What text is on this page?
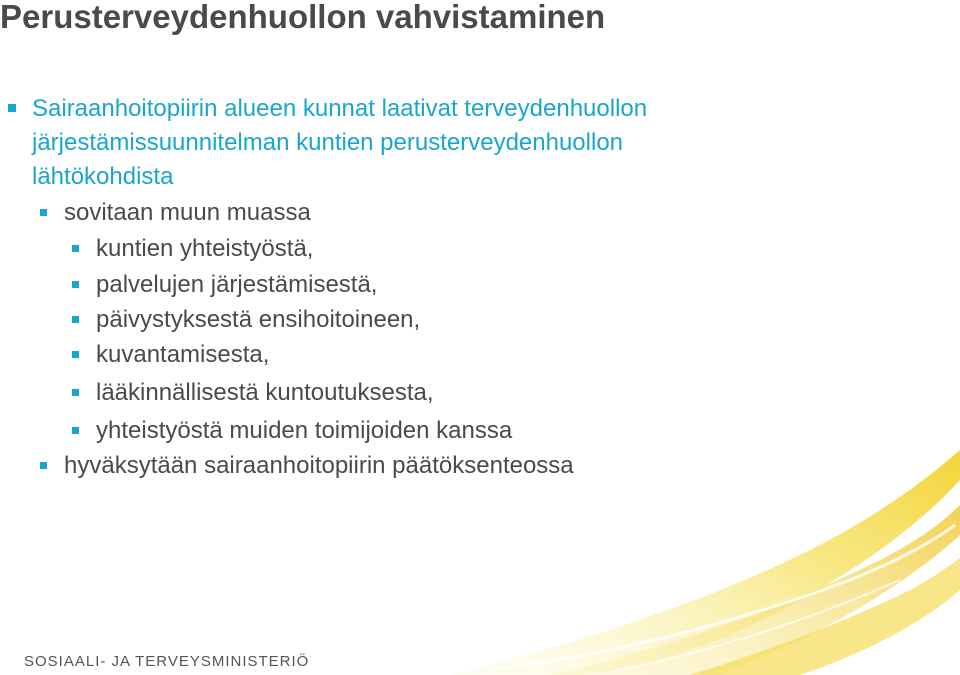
Perusterveydenhuollon vahvistaminen
Sairaanhoitopiirin alueen kunnat laativat terveydenhuollon
järjestämissuunnitelman kuntien perusterveydenhuollon
lähtökohdista
sovitaan muun muassa
kuntien yhteistyöstä,
palvelujen järjestämisestä,
päivystyksestä ensihoitoineen,
kuvantamisesta,
lääkinnällisestä kuntoutuksesta,
yhteistyöstä muiden toimijoiden kanssa
hyväksytään sairaanhoitopiirin päätöksenteossa
SOSIAALI- JA TERVEYSMINISTERIÖ
